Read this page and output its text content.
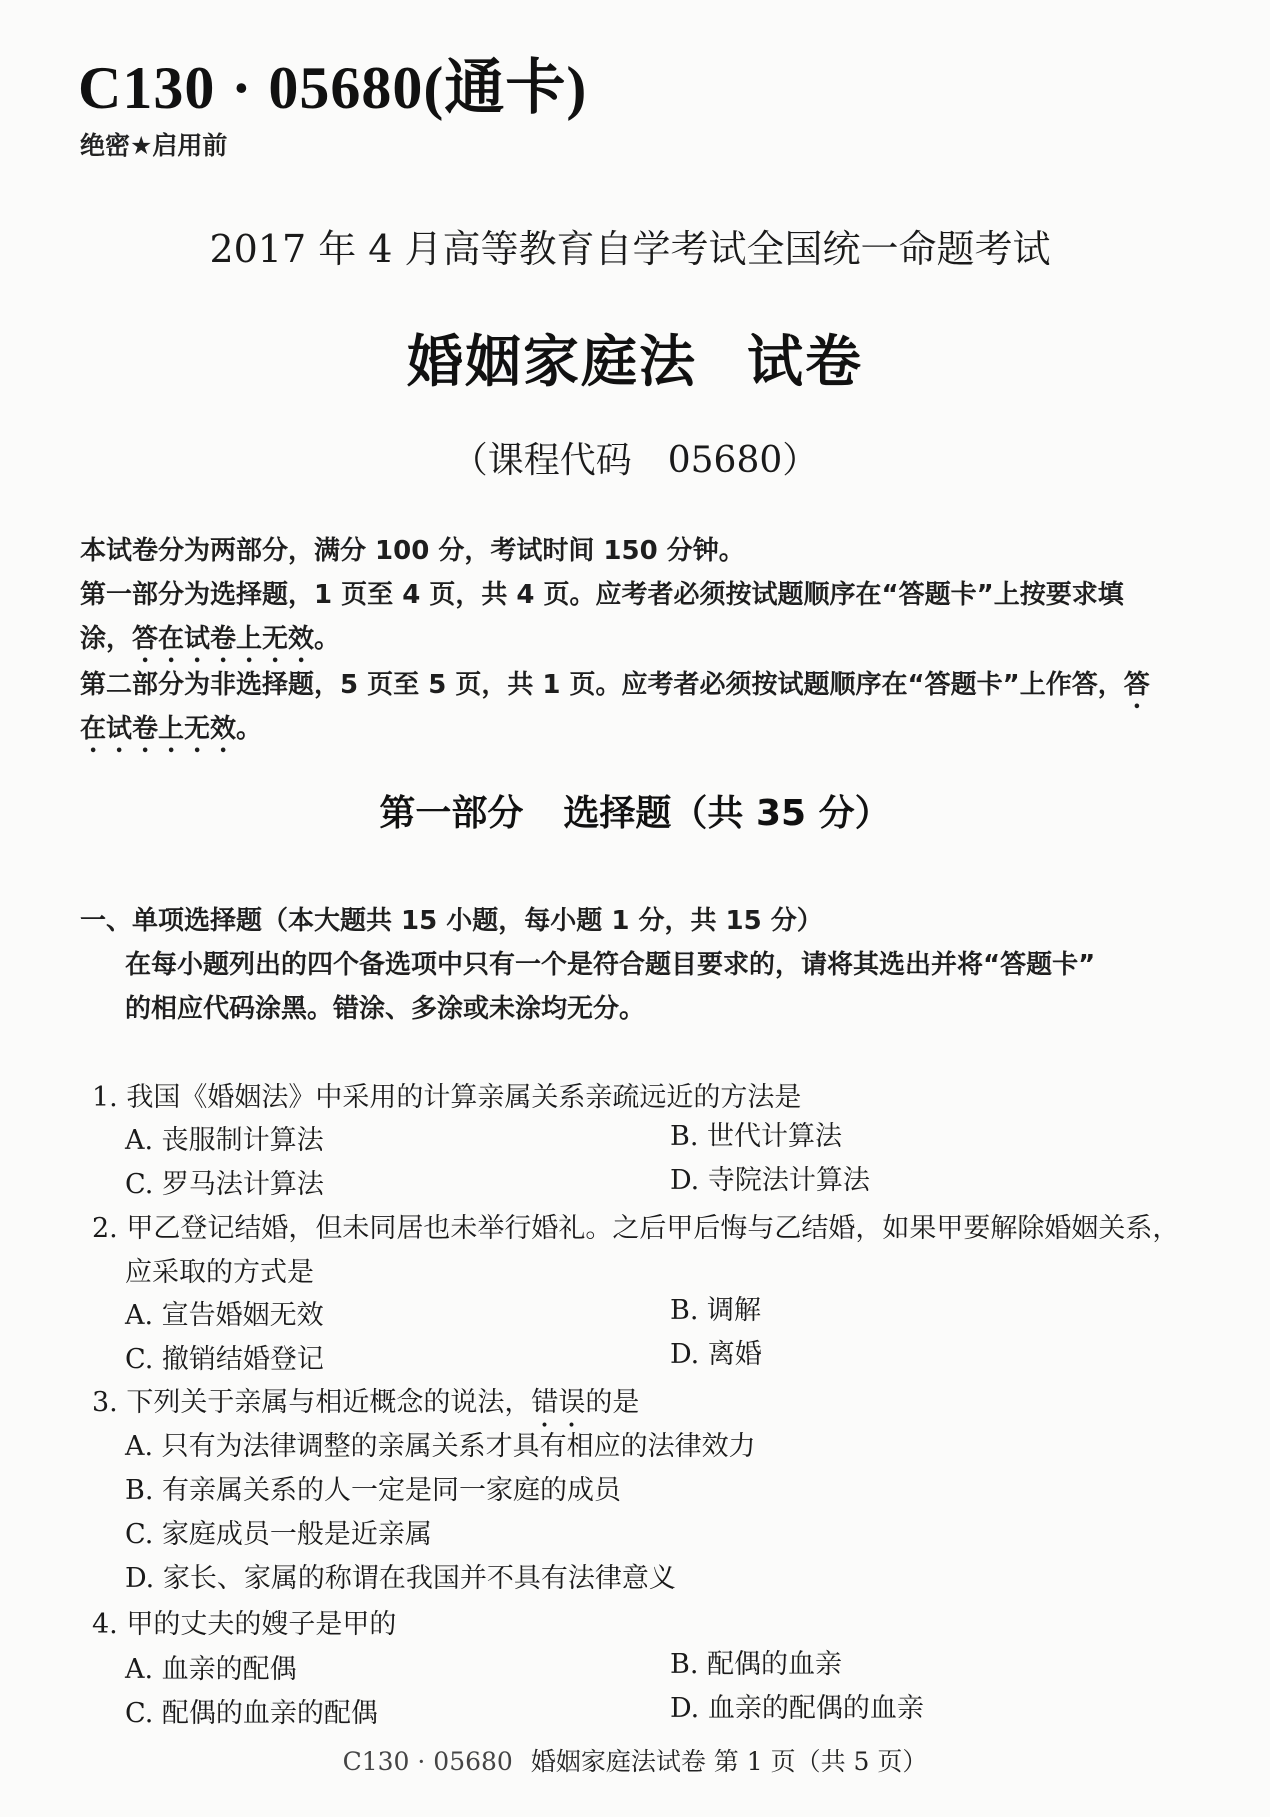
C130 · 05680(通卡)
绝密★启用前
2017 年 4 月高等教育自学考试全国统一命题考试
婚姻家庭法 试卷
（课程代码　05680）
本试卷分为两部分，满分 100 分，考试时间 150 分钟。
第一部分为选择题，1 页至 4 页，共 4 页。应考者必须按试题顺序在“答题卡”上按要求填
涂，答在试卷上无效。
第二部分为非选择题，5 页至 5 页，共 1 页。应考者必须按试题顺序在“答题卡”上作答，答
在试卷上无效。
第一部分 选择题（共 35 分）
一、单项选择题（本大题共 15 小题，每小题 1 分，共 15 分）
在每小题列出的四个备选项中只有一个是符合题目要求的，请将其选出并将“答题卡”
的相应代码涂黑。错涂、多涂或未涂均无分。
1. 我国《婚姻法》中采用的计算亲属关系亲疏远近的方法是
A. 丧服制计算法	B. 世代计算法
C. 罗马法计算法	D. 寺院法计算法
2. 甲乙登记结婚，但未同居也未举行婚礼。之后甲后悔与乙结婚，如果甲要解除婚姻关系，
应采取的方式是
A. 宣告婚姻无效	B. 调解
C. 撤销结婚登记	D. 离婚
3. 下列关于亲属与相近概念的说法，错误的是
A. 只有为法律调整的亲属关系才具有相应的法律效力
B. 有亲属关系的人一定是同一家庭的成员
C. 家庭成员一般是近亲属
D. 家长、家属的称谓在我国并不具有法律意义
4. 甲的丈夫的嫂子是甲的
A. 血亲的配偶	B. 配偶的血亲
C. 配偶的血亲的配偶	D. 血亲的配偶的血亲
C130 · 05680 婚姻家庭法试卷 第 1 页（共 5 页）
